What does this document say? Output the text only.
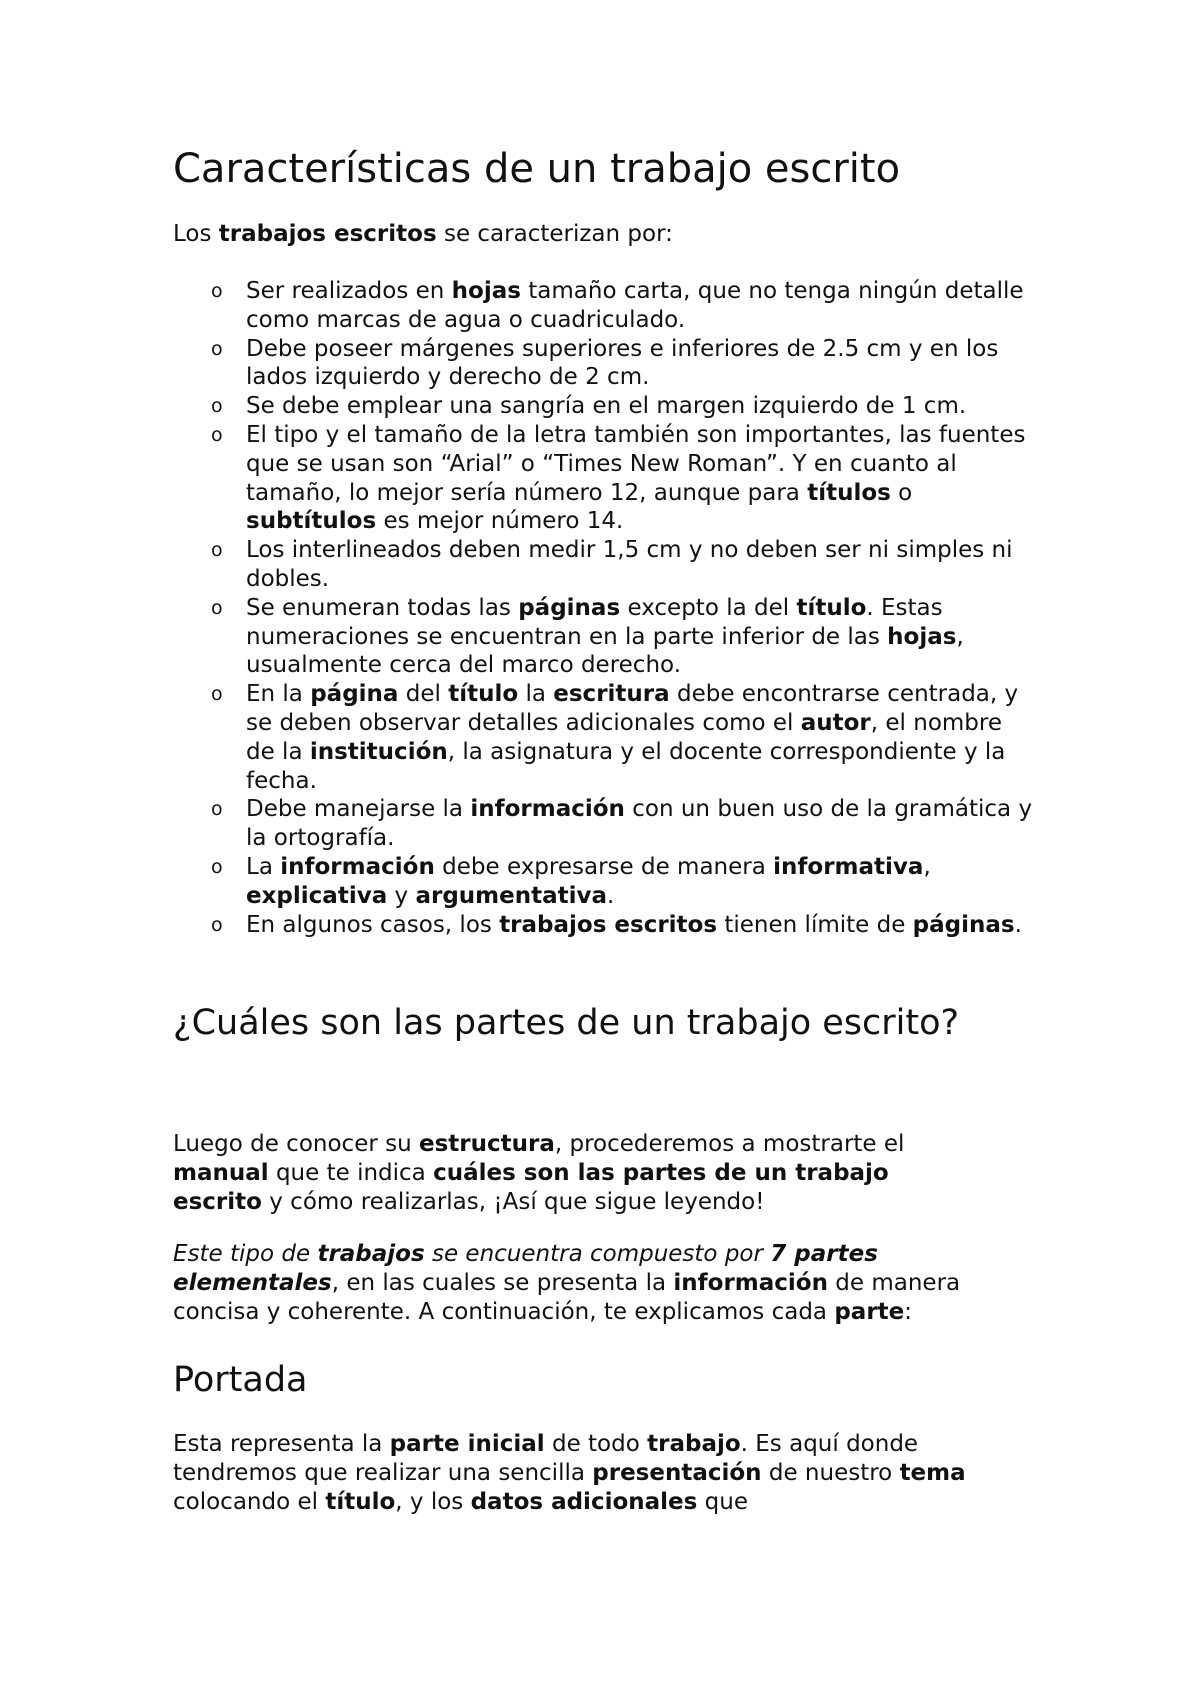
Características de un trabajo escrito

Los trabajos escritos se caracterizan por:

o Ser realizados en hojas tamaño carta, que no tenga ningún detalle como marcas de agua o cuadriculado.
o Debe poseer márgenes superiores e inferiores de 2.5 cm y en los lados izquierdo y derecho de 2 cm.
o Se debe emplear una sangría en el margen izquierdo de 1 cm.
o El tipo y el tamaño de la letra también son importantes, las fuentes que se usan son “Arial” o “Times New Roman”. Y en cuanto al tamaño, lo mejor sería número 12, aunque para títulos o subtítulos es mejor número 14.
o Los interlineados deben medir 1,5 cm y no deben ser ni simples ni dobles.
o Se enumeran todas las páginas excepto la del título. Estas numeraciones se encuentran en la parte inferior de las hojas, usualmente cerca del marco derecho.
o En la página del título la escritura debe encontrarse centrada, y se deben observar detalles adicionales como el autor, el nombre de la institución, la asignatura y el docente correspondiente y la fecha.
o Debe manejarse la información con un buen uso de la gramática y la ortografía.
o La información debe expresarse de manera informativa, explicativa y argumentativa.
o En algunos casos, los trabajos escritos tienen límite de páginas.
¿Cuáles son las partes de un trabajo escrito?

Luego de conocer su estructura, procederemos a mostrarte el manual que te indica cuáles son las partes de un trabajo escrito y cómo realizarlas, ¡Así que sigue leyendo!

Este tipo de trabajos se encuentra compuesto por 7 partes elementales, en las cuales se presenta la información de manera concisa y coherente. A continuación, te explicamos cada parte:

Portada

Esta representa la parte inicial de todo trabajo. Es aquí donde tendremos que realizar una sencilla presentación de nuestro tema colocando el título, y los datos adicionales que
